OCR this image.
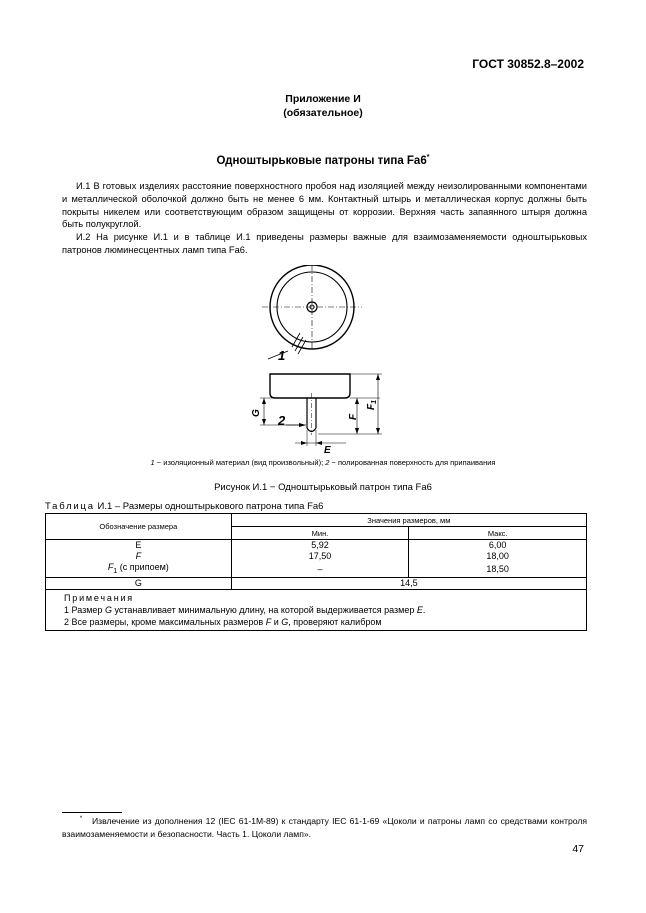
ГОСТ 30852.8–2002
Приложение И
(обязательное)
Одноштырьковые патроны типа Fa6*
И.1 В готовых изделиях расстояние поверхностного пробоя над изоляцией между неизолированными компонентами и металлической оболочкой должно быть не менее 6 мм. Контактный штырь и металлическая корпус должны быть покрыты никелем или соответствующим образом защищены от коррозии. Верхняя часть запаянного штыря должна быть полукруглой.
И.2 На рисунке И.1 и в таблице И.1 приведены размеры важные для взаимозаменяемости одноштырьковых патронов люминесцентных ламп типа Fa6.
1
G 2	F
$F_1$
E
1 − изоляционный материал (вид произвольный); 2 − полированная поверхность для припаивания
Рисунок И.1 − Одноштырьковый патрон типа Fa6
Таблица И.1 – Размеры одноштырькового патрона типа Fa6
Обозначение размера	Значения размеров, мм	
	Мин.	Макс.
E	5,92	6,00
F	17,50	18,00
$F_1$ (с припоем)	–	18,50
G	14,5	

Примечания
1 Размер G устанавливает минимальную длину, на которой выдерживается размер E.
2 Все размеры, кроме максимальных размеров F и G, проверяют калибром		
* Извлечение из дополнения 12 (IEC 61-1M-89) к стандарту IEC 61-1-69 «Цоколи и патроны ламп со средствами контроля взаимозаменяемости и безопасности. Часть 1. Цоколи ламп».
47
